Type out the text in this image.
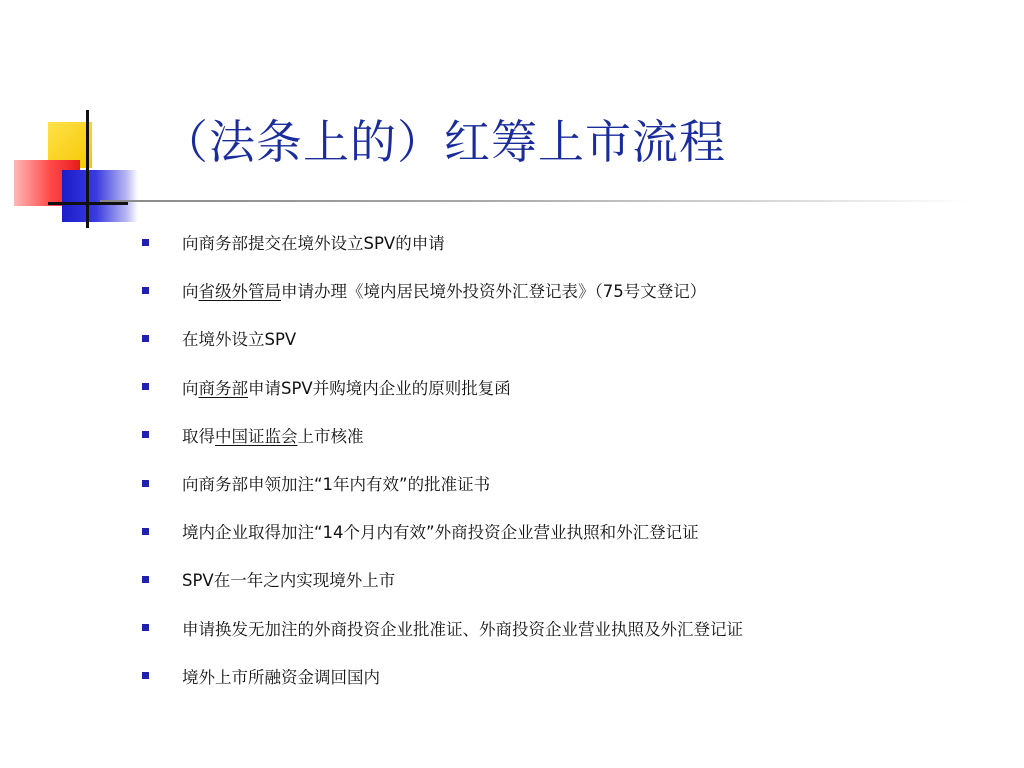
（法条上的）红筹上市流程
向商务部提交在境外设立SPV的申请
向省级外管局申请办理《境内居民境外投资外汇登记表》（75号文登记）
在境外设立SPV
向商务部申请SPV并购境内企业的原则批复函
取得中国证监会上市核准
向商务部申领加注“1年内有效”的批准证书
境内企业取得加注“14个月内有效”外商投资企业营业执照和外汇登记证
SPV在一年之内实现境外上市
申请换发无加注的外商投资企业批准证、外商投资企业营业执照及外汇登记证
境外上市所融资金调回国内
